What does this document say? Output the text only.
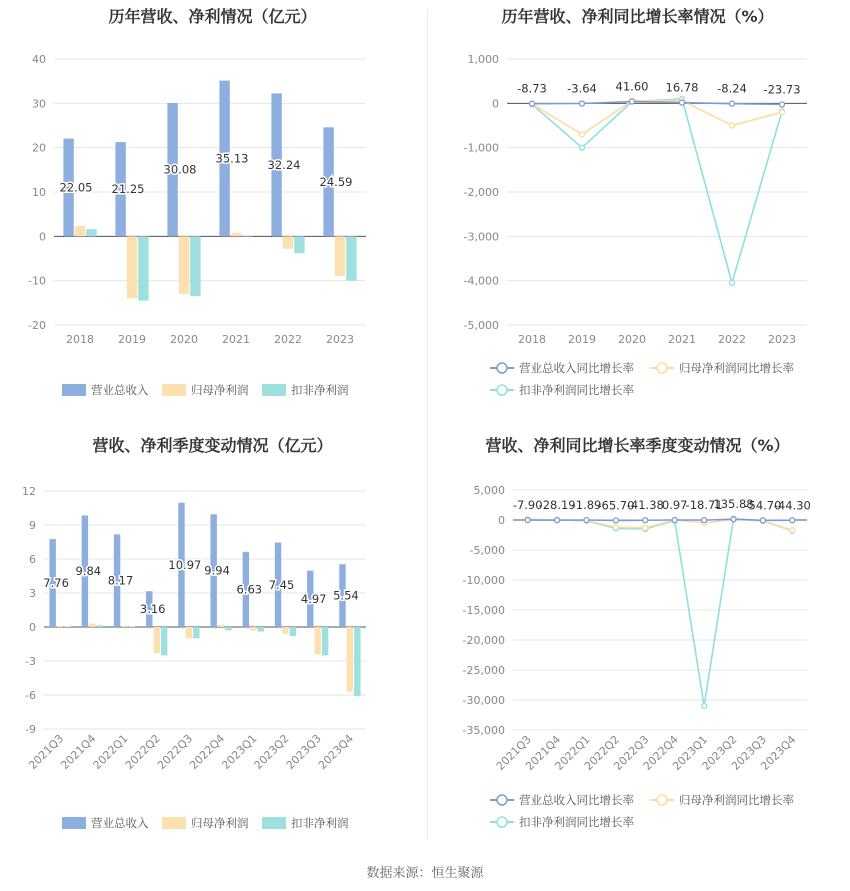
历年营收、净利情况（亿元）
-20
-10
0
10
20
30
40
2018 2019 2020 2021 2022 2023
22.05 21.25
30.08
35.13 32.24
24.59
营业总收入	归母净利润	扣非净利润
历年营收、净利同比增长率情况（%）
-5,000
-4,000
-3,000
-2,000
-1,000
0
1,000
2018 2019 2020 2021 2022 2023
-8.73 -3.64 41.60 16.78 -8.24 -23.73
营业总收入同比增长率	归母净利润同比增长率
扣非净利润同比增长率
营收、净利季度变动情况（亿元）
-9
-6
-3
0
3
6
9
12
2021Q3
2021Q4
2022Q1
2022Q2
2022Q3
2022Q4
2023Q1
2023Q2
2023Q3
2023Q4
7.76
9.84
8.17
3.16
10.97 9.94
6.63 7.45
4.97 5.54
营业总收入	归母净利润	扣非净利润
营收、净利同比增长率季度变动情况（%）
-35,000
-30,000
-25,000
-20,000
-15,000
-10,000
-5,000
0
5,000
2021Q3
2021Q4
2022Q1
2022Q2
2022Q3
2022Q4
2023Q1
2023Q2
2023Q3
2023Q4
-7.90
-28.19
-1.89
-65.70
-41.38
0.97
-18.71
135.88
-54.70
-44.30
营业总收入同比增长率	归母净利润同比增长率
扣非净利润同比增长率
数据来源：恒生聚源
